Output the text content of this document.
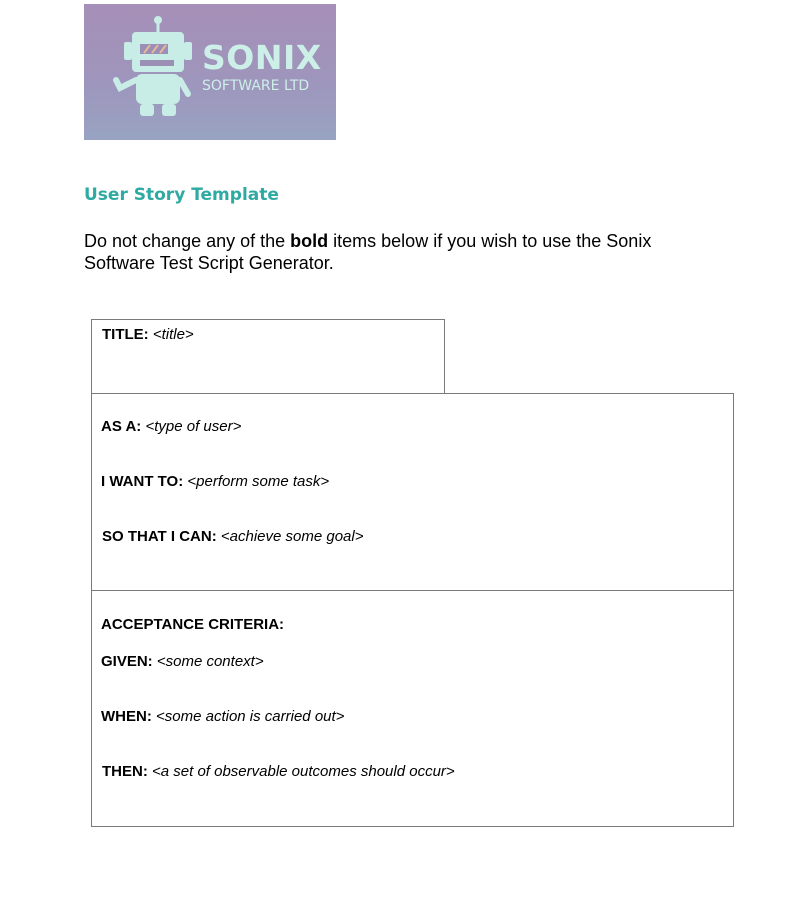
SONIX
SOFTWARE LTD
User Story Template

Do not change any of the bold items below if you wish to use the Sonix Software Test Script Generator.

TITLE: <title>
AS A: <type of user>
I WANT TO: <perform some task>
SO THAT I CAN: <achieve some goal>
ACCEPTANCE CRITERIA:
GIVEN: <some context>
WHEN: <some action is carried out>
THEN: <a set of observable outcomes should occur>
